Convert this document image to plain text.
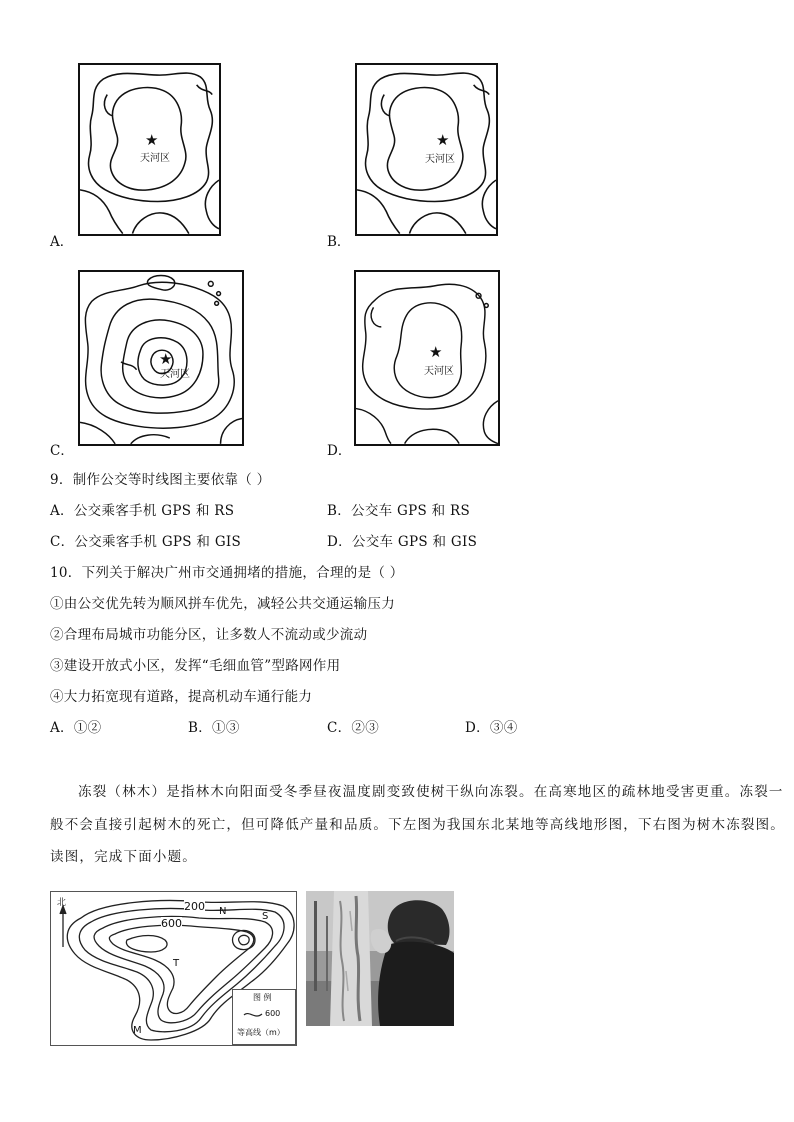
★
天河区
A．
★
天河区
B．
★
天河区
C．
★
天河区
D．
9．制作公交等时线图主要依靠（ ）
A．公交乘客手机 GPS 和 RS	B．公交车 GPS 和 RS
C．公交乘客手机 GPS 和 GIS	D．公交车 GPS 和 GIS
10．下列关于解决广州市交通拥堵的措施，合理的是（ ）
①由公交优先转为顺风拼车优先，减轻公共交通运输压力
②合理布局城市功能分区，让多数人不流动或少流动
③建设开放式小区，发挥“毛细血管”型路网作用
④大力拓宽现有道路，提高机动车通行能力
A．①②	B．①③	C．②③	D．③④
冻裂（林木）是指林木向阳面受冬季昼夜温度剧变致使树干纵向冻裂。在高寒地区的疏林地受害更重。冻裂一
般不会直接引起树木的死亡，但可降低产量和品质。下左图为我国东北某地等高线地形图，下右图为树木冻裂图。
读图，完成下面小题。
北	200
600
N	S
T
M
图 例
600
等高线（m）
